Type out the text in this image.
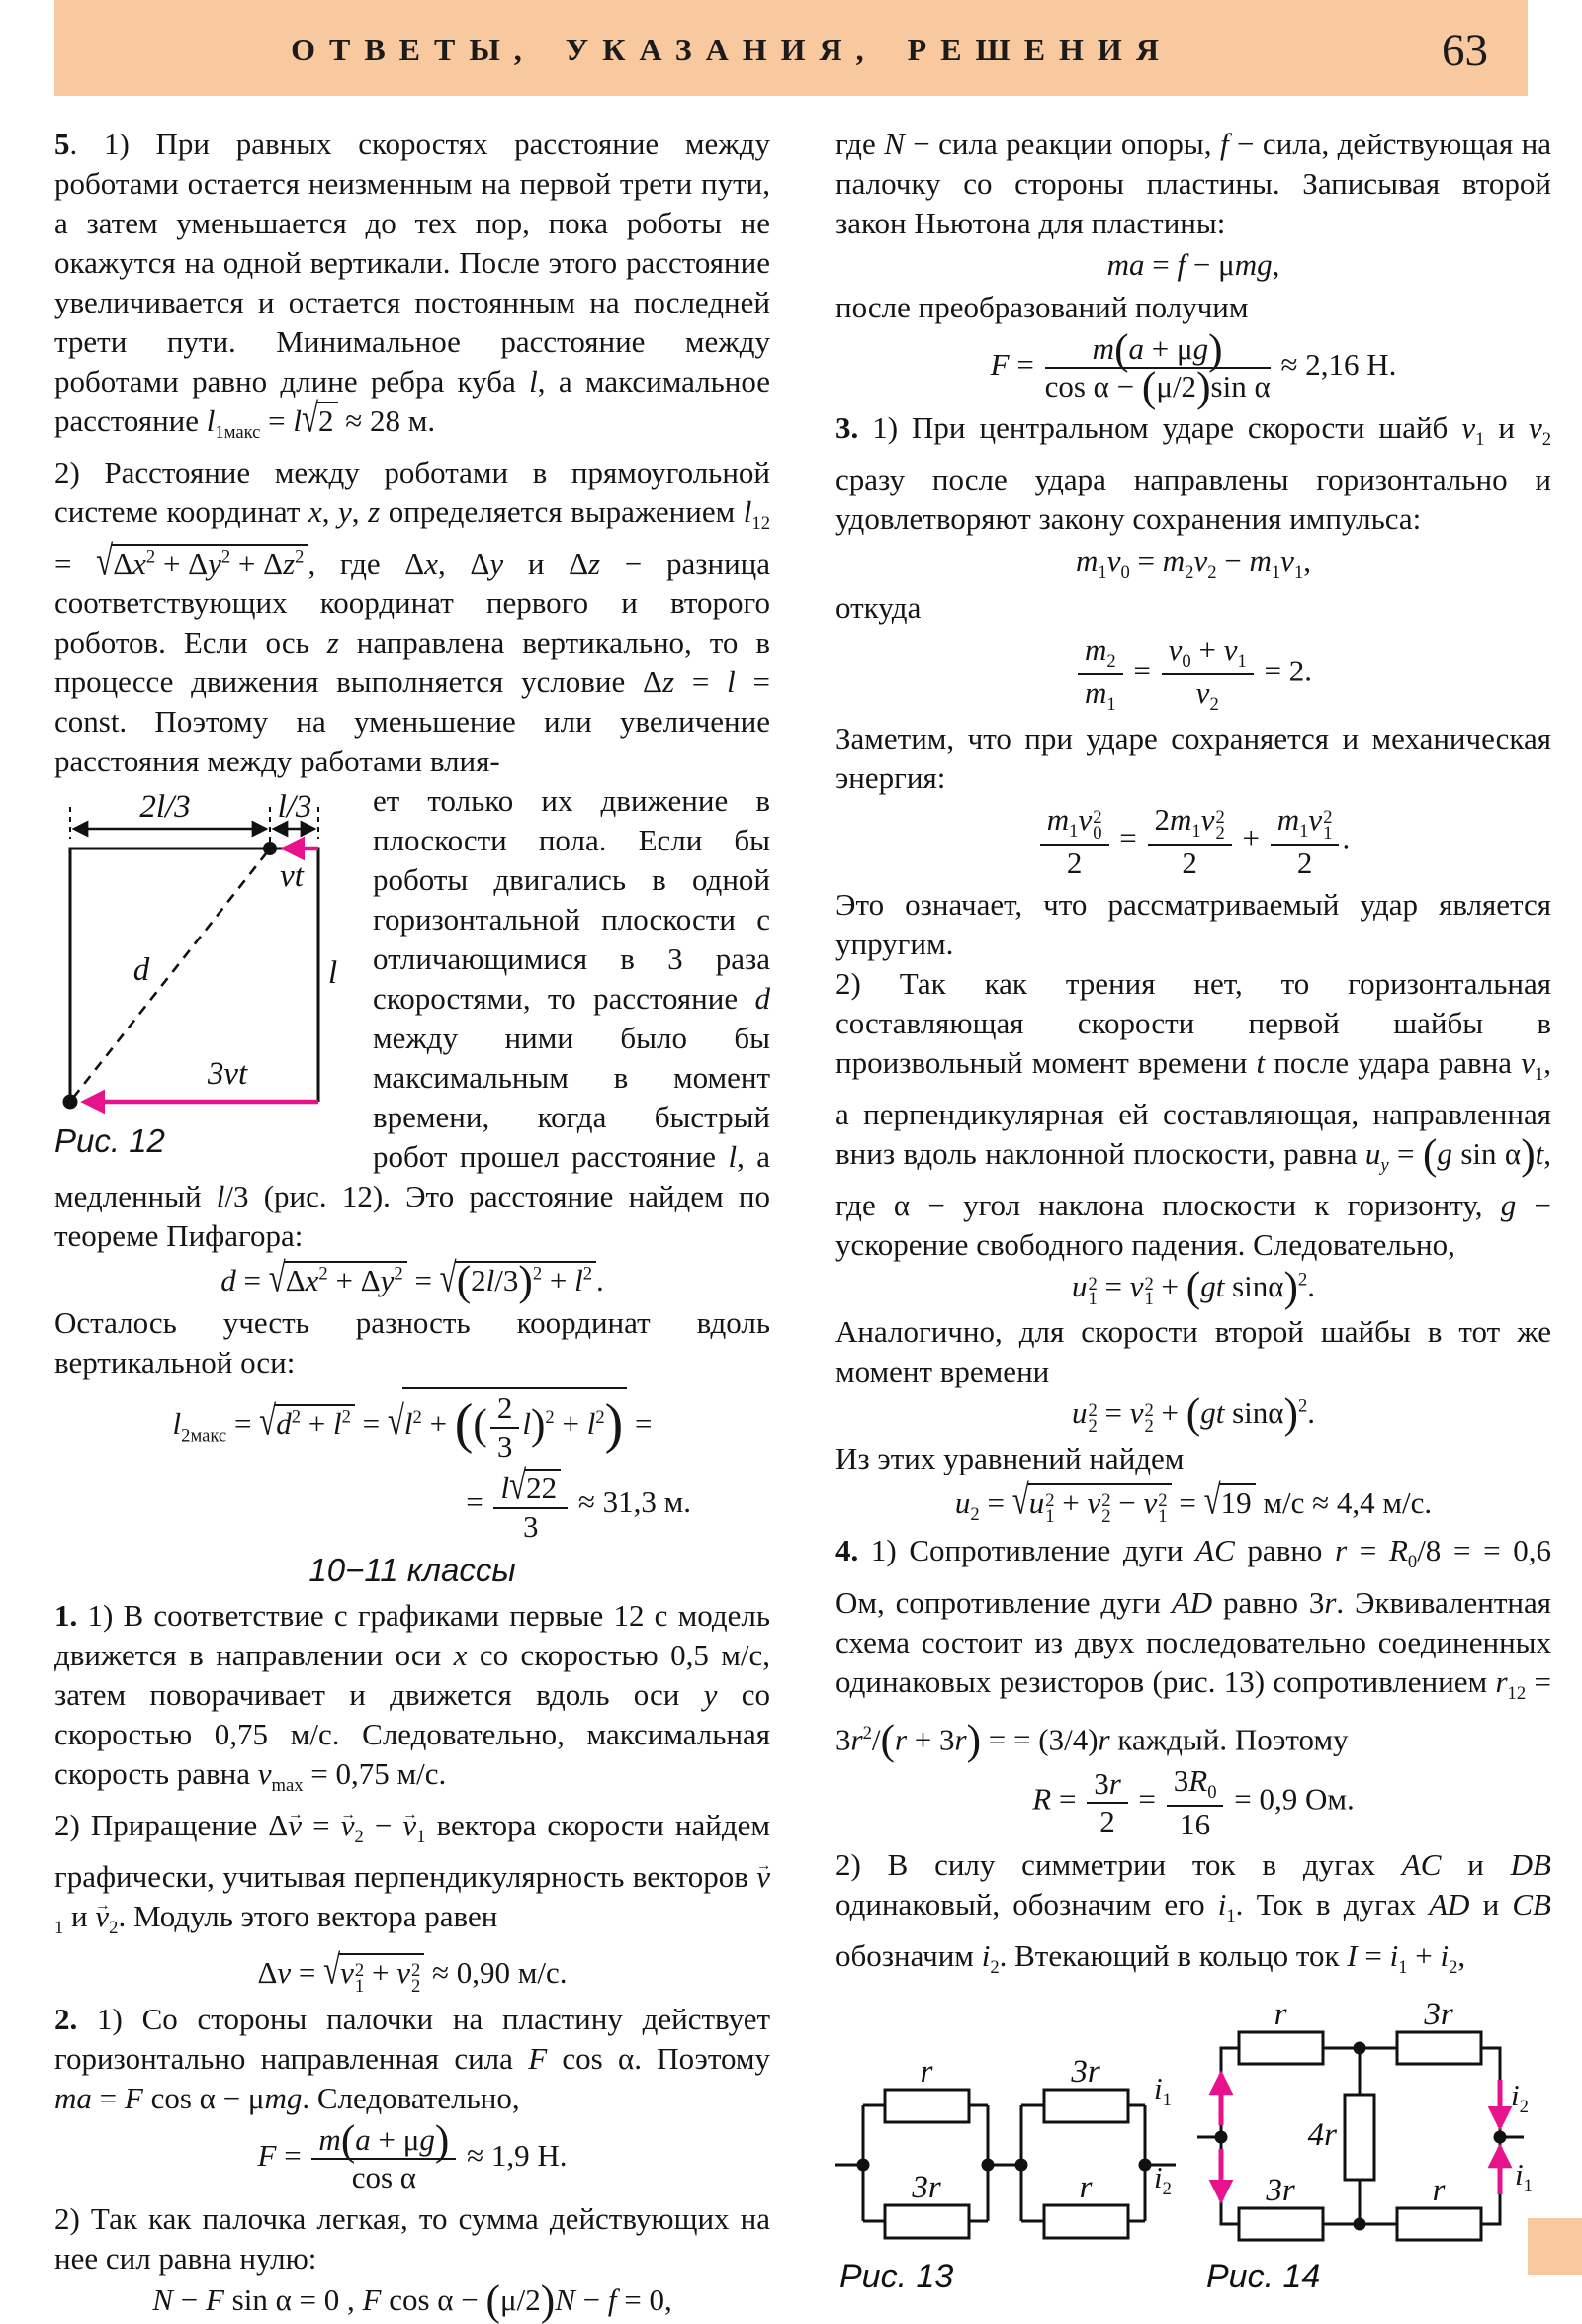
ОТВЕТЫ, УКАЗАНИЯ, РЕШЕНИЯ	63

5. 1) При равных скоростях расстояние между роботами остается неизменным на первой трети пути, а затем уменьшается до тех пор, пока роботы не окажутся на одной вертикали. После этого расстояние увеличивается и остается постоянным на последней трети пути. Минимальное расстояние между роботами равно длине ребра куба l, а максимальное расстояние $l_{1макс} = l√2 \approx 28$ м.

2) Расстояние между роботами в прямоугольной системе координат x, y, z определяется выражением $l_{12} = √\Delta x^2 + \Delta y^2 + \Delta z^2$ , где Δx, Δy и Δz − разница соответствующих координат первого и второго роботов. Если ось z направлена вертикально, то в процессе движения выполняется условие Δz = l = const. Поэтому на уменьшение или увеличение расстояния между работами влия-

2l/3	l/3
vt
d	l
3vt
Рис. 12

ет только их движение в плоскости пола. Если бы роботы двигались в одной горизонтальной плоскости с отличающимися в 3 раза скоростями, то расстояние d между ними было бы максимальным в момент времени, когда быстрый робот прошел расстояние l, а медленный l/3 (рис. 12). Это расстояние найдем по теореме Пифагора:

$d = √\Delta x^2 + \Delta y^2 = √(2l/3)^2 + l^2$ .

Осталось учесть разность координат вдоль вертикальной оси:

$l_{2макс} = √d^2 + l^2 = √l^2$ + (( $\frac{2}{3} l)^2 + l^2$) =
= $\frac{l√22}{3} \approx 31,3$ м.
10−11 классы

1. 1) В соответствие с графиками первые 12 с модель движется в направлении оси x со скоростью 0,5 м/с, затем поворачивает и движется вдоль оси y со скоростью 0,75 м/с. Следовательно, максимальная скорость равна $v_{max} = 0,75$ м/с.

2) Приращение Δv → = $v \to_2 - v \to_1$ вектора скорости найдем графически, учитывая перпендикулярность векторов $v \to_1$ и $v \to_2$. Модуль этого вектора равен

Δv = √v 2
1 + v 2
2 ≈ 0,90 м/с.

2. 1) Со стороны палочки на пластину действует горизонтально направленная сила F cos α. Поэтому ma = F cos α − μmg. Следовательно,

$F = \frac{m(a + \mu g)}{\text{cos α}} \approx 1,9$ Н.

2) Так как палочка легкая, то сумма действующих на нее сил равна нулю:

N − F sin α = 0 , F cos α − (μ/2)N − f = 0,

где N − сила реакции опоры, f − сила, действующая на палочку со стороны пластины. Записывая второй закон Ньютона для пластины:

ma = f − μmg,

после преобразований получим

$F = \frac{m(a + \mu g)}{\text{cos α − (μ/2)sin α}} \approx 2,16$ Н.

3. 1) При центральном ударе скорости шайб $v_1$ и $v_2$ сразу после удара направлены горизонтально и удовлетворяют закону сохранения импульса:

$m_1v_0 = m_2v_2 - m_1v_1$,

откуда

$\frac{m_2}{m_1} = \frac{v_0 + v_1}{v_2} = 2$.

Заметим, что при ударе сохраняется и механическая энергия:

$m_1v$ 2
0
$2 = 2m_1v$ 2
2
$2 + m_1v$ 2
1
2 .

Это означает, что рассматриваемый удар является упругим.

2) Так как трения нет, то горизонтальная составляющая скорости первой шайбы в произвольный момент времени t после удара равна $v_1$, а перпендикулярная ей составляющая, направленная вниз вдоль наклонной плоскости, равна $u_y = (g$ sin α)t, где α − угол наклона плоскости к горизонту, g − ускорение свободного падения. Следовательно,

u 2
1 = v 2
1 + (gt sinα)$^2$.

Аналогично, для скорости второй шайбы в тот же момент времени

u 2
2 = v 2
2 + (gt sinα)$^2$.

Из этих уравнений найдем

$u_2 = √u$ 2
1 + v 2
2 − v 2
1 = √19 м/с ≈ 4,4 м/с.

4. 1) Сопротивление дуги AC равно $r = R_0/8$ = = 0,6 Ом, сопротивление дуги AD равно 3r. Эквивалентная схема состоит из двух последовательно соединенных одинаковых резисторов (рис. 13) сопротивлением $r_{12} = 3r^2/(r + 3r)$ = = (3/4)r каждый. Поэтому

$R = \frac{3r}{2} = \frac{3R_0}{16} = 0,9$ Ом.

2) В силу симметрии ток в дугах AC и DB одинаковый, обозначим его $i_1$. Ток в дугах AD и CB обозначим $i_2$. Втекающий в кольцо ток $I = i_1 + i_2$,

r	3r
3r	r
Рис. 13
r	3r
4r
3r	r
Рис. 14
$i_1$
$i_2$
$i_2$
$i_1$
